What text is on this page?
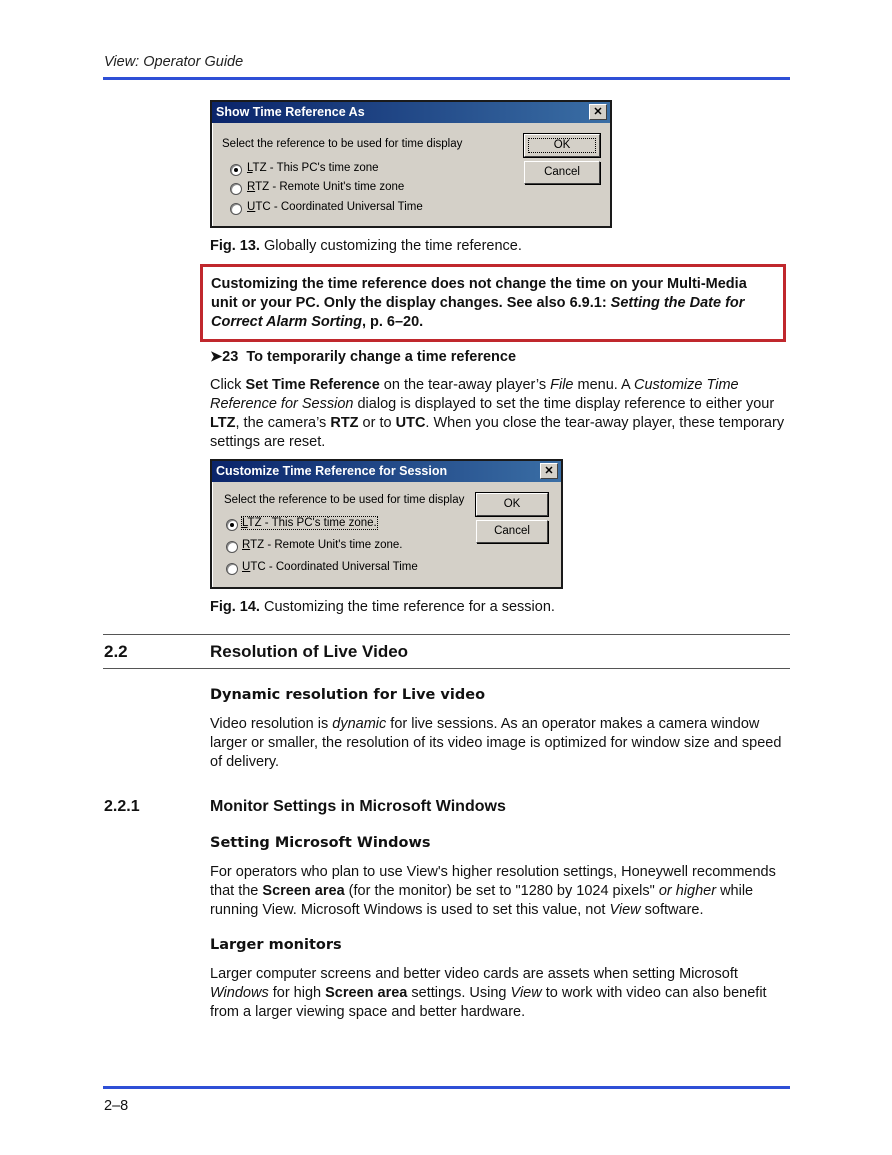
View: Operator Guide
Show Time Reference As	✕
Select the reference to be used for time display
LTZ - This PC's time zone
RTZ - Remote Unit's time zone
UTC - Coordinated Universal Time
OK
Cancel
Fig. 13. Globally customizing the time reference.
Customizing the time reference does not change the time on your Multi-Media unit or your PC. Only the display changes. See also 6.9.1: Setting the Date for Correct Alarm Sorting, p. 6–20.
➤23 To temporarily change a time reference
Click Set Time Reference on the tear-away player’s File menu. A Customize Time Reference for Session dialog is displayed to set the time display reference to either your LTZ, the camera’s RTZ or to UTC. When you close the tear-away player, these temporary settings are reset.
Customize Time Reference for Session	✕
Select the reference to be used for time display
LTZ - This PC's time zone.
RTZ - Remote Unit's time zone.
UTC - Coordinated Universal Time
OK
Cancel
Fig. 14. Customizing the time reference for a session.
2.2	Resolution of Live Video
Dynamic resolution for Live video
Video resolution is dynamic for live sessions. As an operator makes a camera window larger or smaller, the resolution of its video image is optimized for window size and speed of delivery.
2.2.1	Monitor Settings in Microsoft Windows
Setting Microsoft Windows
For operators who plan to use View's higher resolution settings, Honeywell recommends that the Screen area (for the monitor) be set to "1280 by 1024 pixels" or higher while running View. Microsoft Windows is used to set this value, not View software.
Larger monitors
Larger computer screens and better video cards are assets when setting Microsoft Windows for high Screen area settings. Using View to work with video can also benefit from a larger viewing space and better hardware.
2–8
